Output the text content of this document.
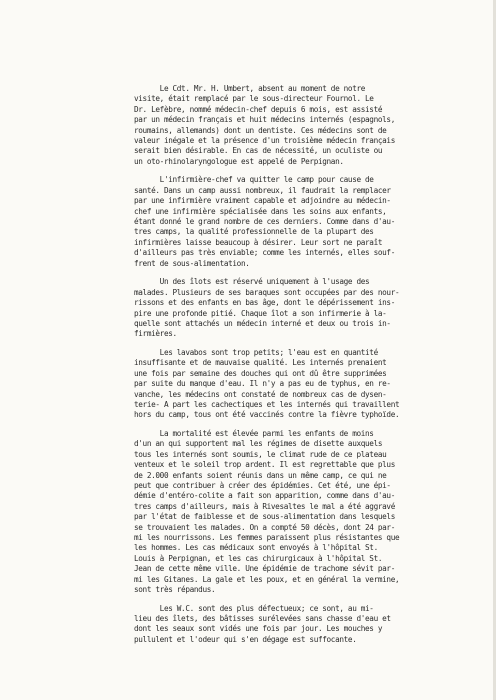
Le Cdt. Mr. H. Umbert, absent au moment de notre
visite, était remplacé par le sous-directeur Fournol. Le
Dr. Lefèbre, nommé médecin-chef depuis 6 mois, est assisté
par un médecin français et huit médecins internés (espagnols,
roumains, allemands) dont un dentiste. Ces médecins sont de
valeur inégale et la présence d'un troisième médecin français
serait bien désirable. En cas de nécessité, un oculiste ou
un oto-rhinolaryngologue est appelé de Perpignan.
L'infirmière-chef va quitter le camp pour cause de
santé. Dans un camp aussi nombreux, il faudrait la remplacer
par une infirmière vraiment capable et adjoindre au médecin-
chef une infirmière spécialisée dans les soins aux enfants,
étant donné le grand nombre de ces derniers. Comme dans d'au-
tres camps, la qualité professionnelle de la plupart des
infirmières laisse beaucoup à désirer. Leur sort ne paraît
d'ailleurs pas très enviable; comme les internés, elles souf-
frent de sous-alimentation.
Un des îlots est réservé uniquement à l'usage des
malades. Plusieurs de ses baraques sont occupées par des nour-
rissons et des enfants en bas âge, dont le dépérissement ins-
pire une profonde pitié. Chaque îlot a son infirmerie à la-
quelle sont attachés un médecin interné et deux ou trois in-
firmières.
Les lavabos sont trop petits; l'eau est en quantité
insuffisante et de mauvaise qualité. Les internés prenaient
une fois par semaine des douches qui ont dû être supprimées
par suite du manque d'eau. Il n'y a pas eu de typhus, en re-
vanche, les médecins ont constaté de nombreux cas de dysen-
terie- A part les cachectiques et les internés qui travaillent
hors du camp, tous ont été vaccinés contre la fièvre typhoïde.
La mortalité est élevée parmi les enfants de moins
d'un an qui supportent mal les régimes de disette auxquels
tous les internés sont soumis, le climat rude de ce plateau
venteux et le soleil trop ardent. Il est regrettable que plus
de 2.000 enfants soient réunis dans un même camp, ce qui ne
peut que contribuer à créer des épidémies. Cet été, une épi-
démie d'entéro-colite a fait son apparition, comme dans d'au-
tres camps d'ailleurs, mais à Rivesaltes le mal a été aggravé
par l'état de faiblesse et de sous-alimentation dans lesquels
se trouvaient les malades. On a compté 50 décès, dont 24 par-
mi les nourrissons. Les femmes paraissent plus résistantes que
les hommes. Les cas médicaux sont envoyés à l'hôpital St.
Louis à Perpignan, et les cas chirurgicaux à l'hôpital St.
Jean de cette même ville. Une épidémie de trachome sévit par-
mi les Gitanes. La gale et les poux, et en général la vermine,
sont très répandus.
Les W.C. sont des plus défectueux; ce sont, au mi-
lieu des îlets, des bâtisses surélevées sans chasse d'eau et
dont les seaux sont vidés une fois par jour. Les mouches y
pullulent et l'odeur qui s'en dégage est suffocante.
